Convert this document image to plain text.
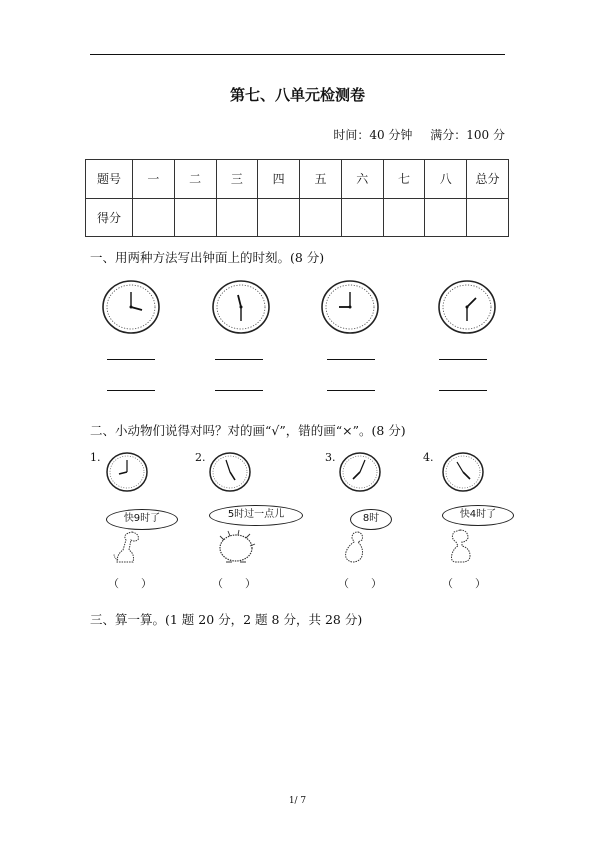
第七、八单元检测卷
时间：40 分钟 满分：100 分
题号	一	二	三	四	五	六	七	八	总分
得分									
一、用两种方法写出钟面上的时刻。(8 分)
二、小动物们说得对吗？对的画“√”，错的画“×”。(8 分)
1.	2.	3.	4.
快9时了	5时过一点儿	8时	快4时了
（　　）	（　　）	（　　）	（　　）
三、算一算。(1 题 20 分，2 题 8 分，共 28 分)
1/ 7
